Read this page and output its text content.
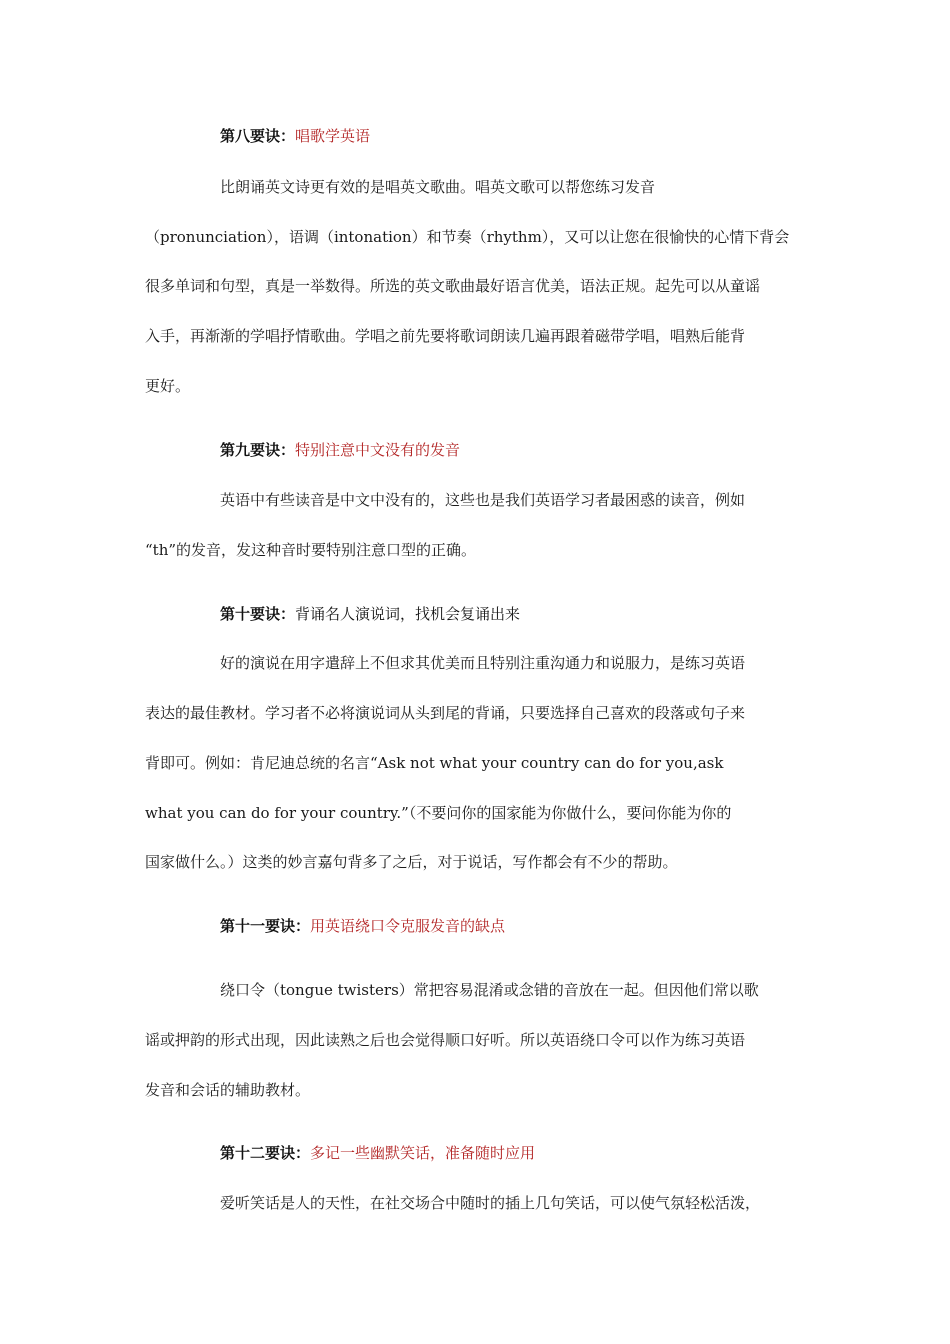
第八要诀：唱歌学英语
比朗诵英文诗更有效的是唱英文歌曲。唱英文歌可以帮您练习发音
（pronunciation），语调（intonation）和节奏（rhythm），又可以让您在很愉快的心情下背会
很多单词和句型，真是一举数得。所选的英文歌曲最好语言优美，语法正规。起先可以从童谣
入手，再渐渐的学唱抒情歌曲。学唱之前先要将歌词朗读几遍再跟着磁带学唱，唱熟后能背
更好。
第九要诀：特别注意中文没有的发音
英语中有些读音是中文中没有的，这些也是我们英语学习者最困惑的读音，例如
“th”的发音，发这种音时要特别注意口型的正确。
第十要诀：背诵名人演说词，找机会复诵出来
好的演说在用字遣辞上不但求其优美而且特别注重沟通力和说服力，是练习英语
表达的最佳教材。学习者不必将演说词从头到尾的背诵，只要选择自己喜欢的段落或句子来
背即可。例如：肯尼迪总统的名言“Ask not what your country can do for you,ask
what you can do for your country.”（不要问你的国家能为你做什么，要问你能为你的
国家做什么。）这类的妙言嘉句背多了之后，对于说话，写作都会有不少的帮助。
第十一要诀：用英语绕口令克服发音的缺点
绕口令（tongue twisters）常把容易混淆或念错的音放在一起。但因他们常以歌
谣或押韵的形式出现，因此读熟之后也会觉得顺口好听。所以英语绕口令可以作为练习英语
发音和会话的辅助教材。
第十二要诀：多记一些幽默笑话，准备随时应用
爱听笑话是人的天性，在社交场合中随时的插上几句笑话，可以使气氛轻松活泼，
